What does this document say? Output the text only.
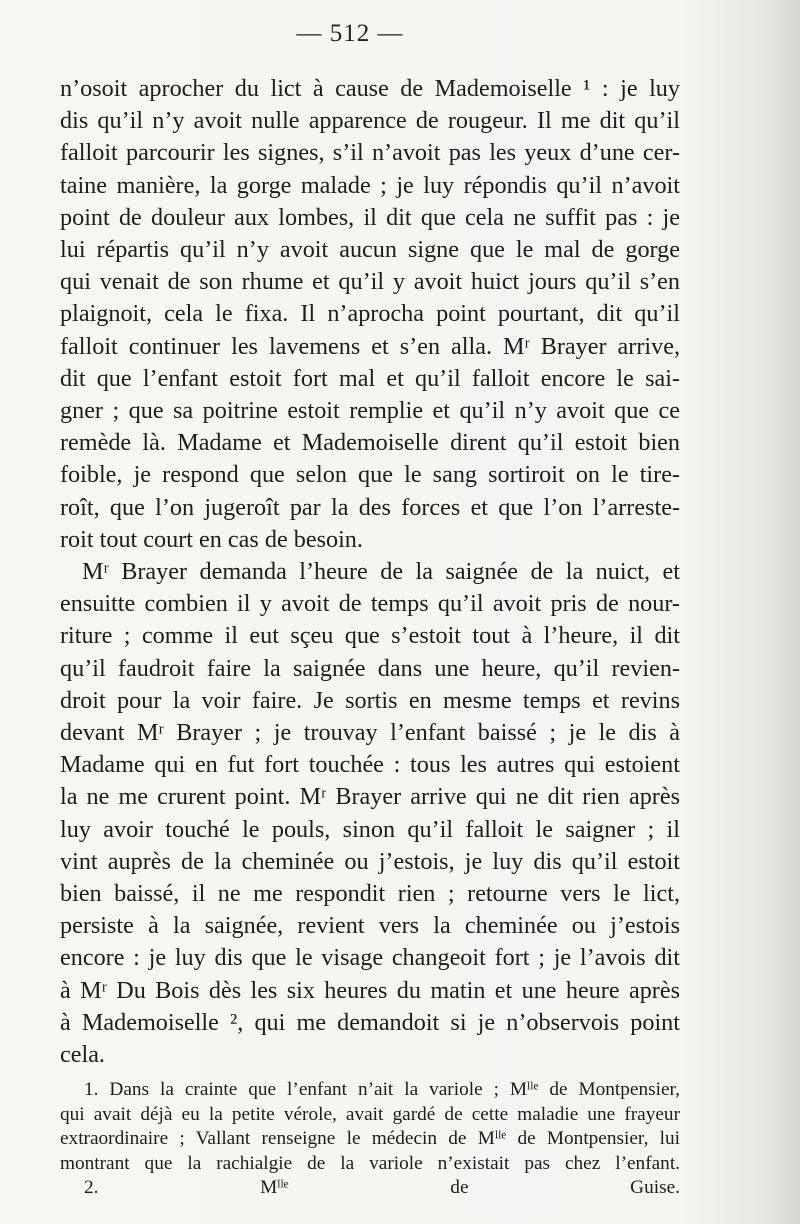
— 512 —

n’osoit aprocher du lict à cause de Mademoiselle ¹ : je luy
dis qu’il n’y avoit nulle apparence de rougeur. Il me dit qu’il
falloit parcourir les signes, s’il n’avoit pas les yeux d’une cer-
taine manière, la gorge malade ; je luy répondis qu’il n’avoit
point de douleur aux lombes, il dit que cela ne suffit pas : je
lui répartis qu’il n’y avoit aucun signe que le mal de gorge
qui venait de son rhume et qu’il y avoit huict jours qu’il s’en
plaignoit, cela le fixa. Il n’aprocha point pourtant, dit qu’il
falloit continuer les lavemens et s’en alla. Mʳ Brayer arrive,
dit que l’enfant estoit fort mal et qu’il falloit encore le sai-
gner ; que sa poitrine estoit remplie et qu’il n’y avoit que ce
remède là. Madame et Mademoiselle dirent qu’il estoit bien
foible, je respond que selon que le sang sortiroit on le tire-
roît, que l’on jugeroît par la des forces et que l’on l’arreste-
roit tout court en cas de besoin.

Mʳ Brayer demanda l’heure de la saignée de la nuict, et
ensuitte combien il y avoit de temps qu’il avoit pris de nour-
riture ; comme il eut sçeu que s’estoit tout à l’heure, il dit
qu’il faudroit faire la saignée dans une heure, qu’il revien-
droit pour la voir faire. Je sortis en mesme temps et revins
devant Mʳ Brayer ; je trouvay l’enfant baissé ; je le dis à
Madame qui en fut fort touchée : tous les autres qui estoient
la ne me crurent point. Mʳ Brayer arrive qui ne dit rien après
luy avoir touché le pouls, sinon qu’il falloit le saigner ; il
vint auprès de la cheminée ou j’estois, je luy dis qu’il estoit
bien baissé, il ne me respondit rien ; retourne vers le lict,
persiste à la saignée, revient vers la cheminée ou j’estois
encore : je luy dis que le visage changeoit fort ; je l’avois dit
à Mʳ Du Bois dès les six heures du matin et une heure après
à Mademoiselle ², qui me demandoit si je n’observois point
cela.

1. Dans la crainte que l’enfant n’ait la variole ; Mˡˡᵉ de Montpensier,
qui avait déjà eu la petite vérole, avait gardé de cette maladie une frayeur
extraordinaire ; Vallant renseigne le médecin de Mˡˡᵉ de Montpensier, lui
montrant que la rachialgie de la variole n’existait pas chez l’enfant.
2. Mˡˡᵉ de Guise.
